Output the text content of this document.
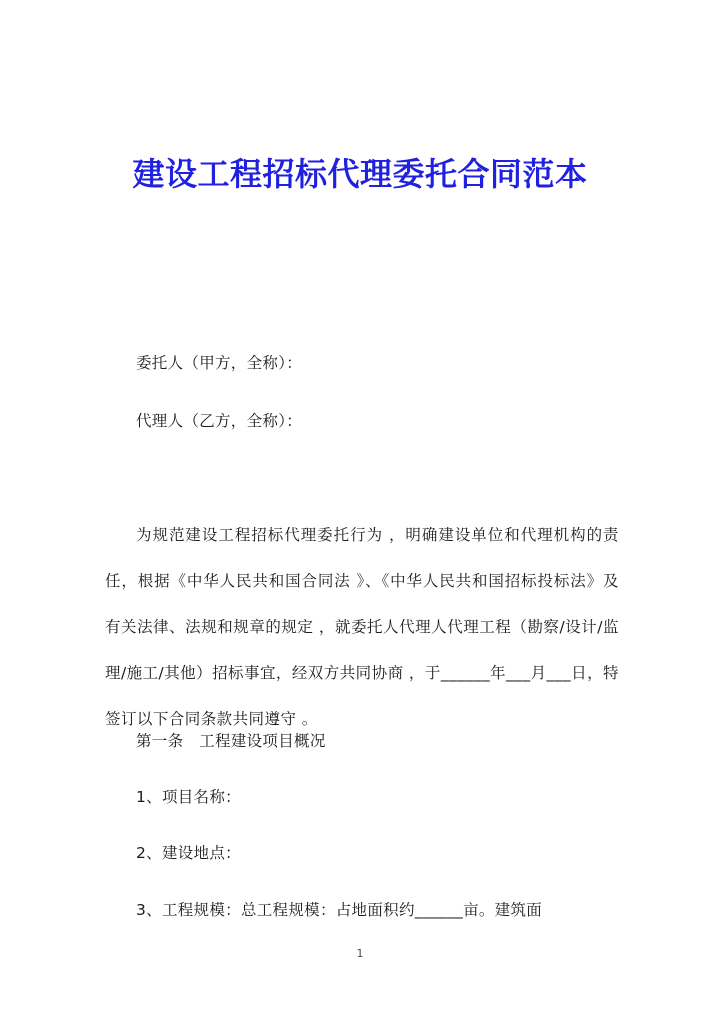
建设工程招标代理委托合同范本
委托人（甲方，全称）：
代理人（乙方，全称）：

为规范建设工程招标代理委托行为 ，明确建设单位和代理机构的责任，根据《中华人民共和国合同法 》、《中华人民共和国招标投标法》及有关法律、法规和规章的规定 ，就委托人代理人代理工程（勘察/设计/监理/施工/其他）招标事宜，经双方共同协商 ，于______年___月___日，特签订以下合同条款共同遵守 。

第一条　 工程建设项目概况
1、项目名称：
2、建设地点：
3、工程规模：总工程规模：占地面积约______亩。建筑面
1
